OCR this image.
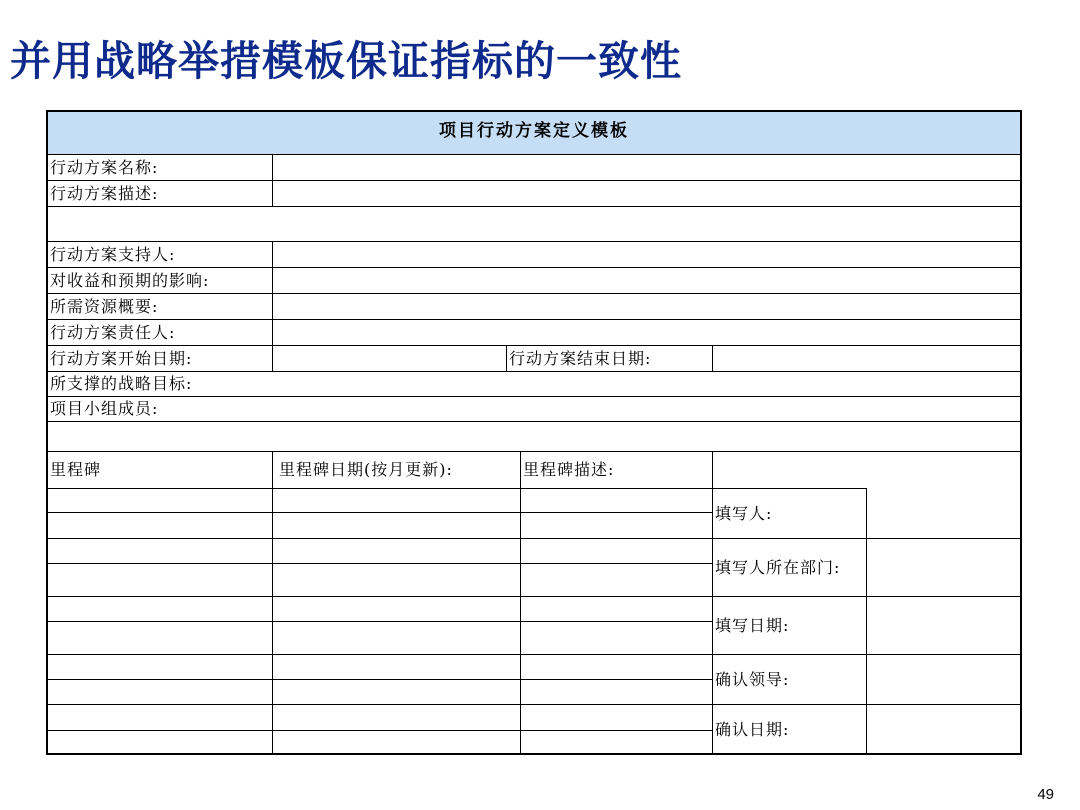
并用战略举措模板保证指标的一致性
项目行动方案定义模板
行动方案名称:
行动方案描述:
行动方案支持人:
对收益和预期的影响:
所需资源概要:
行动方案责任人:
行动方案开始日期:	行动方案结束日期:
所支撑的战略目标:
项目小组成员:
里程碑	里程碑日期(按月更新):	里程碑描述:
填写人:
填写人所在部门:
填写日期:
确认领导:
确认日期:
49
